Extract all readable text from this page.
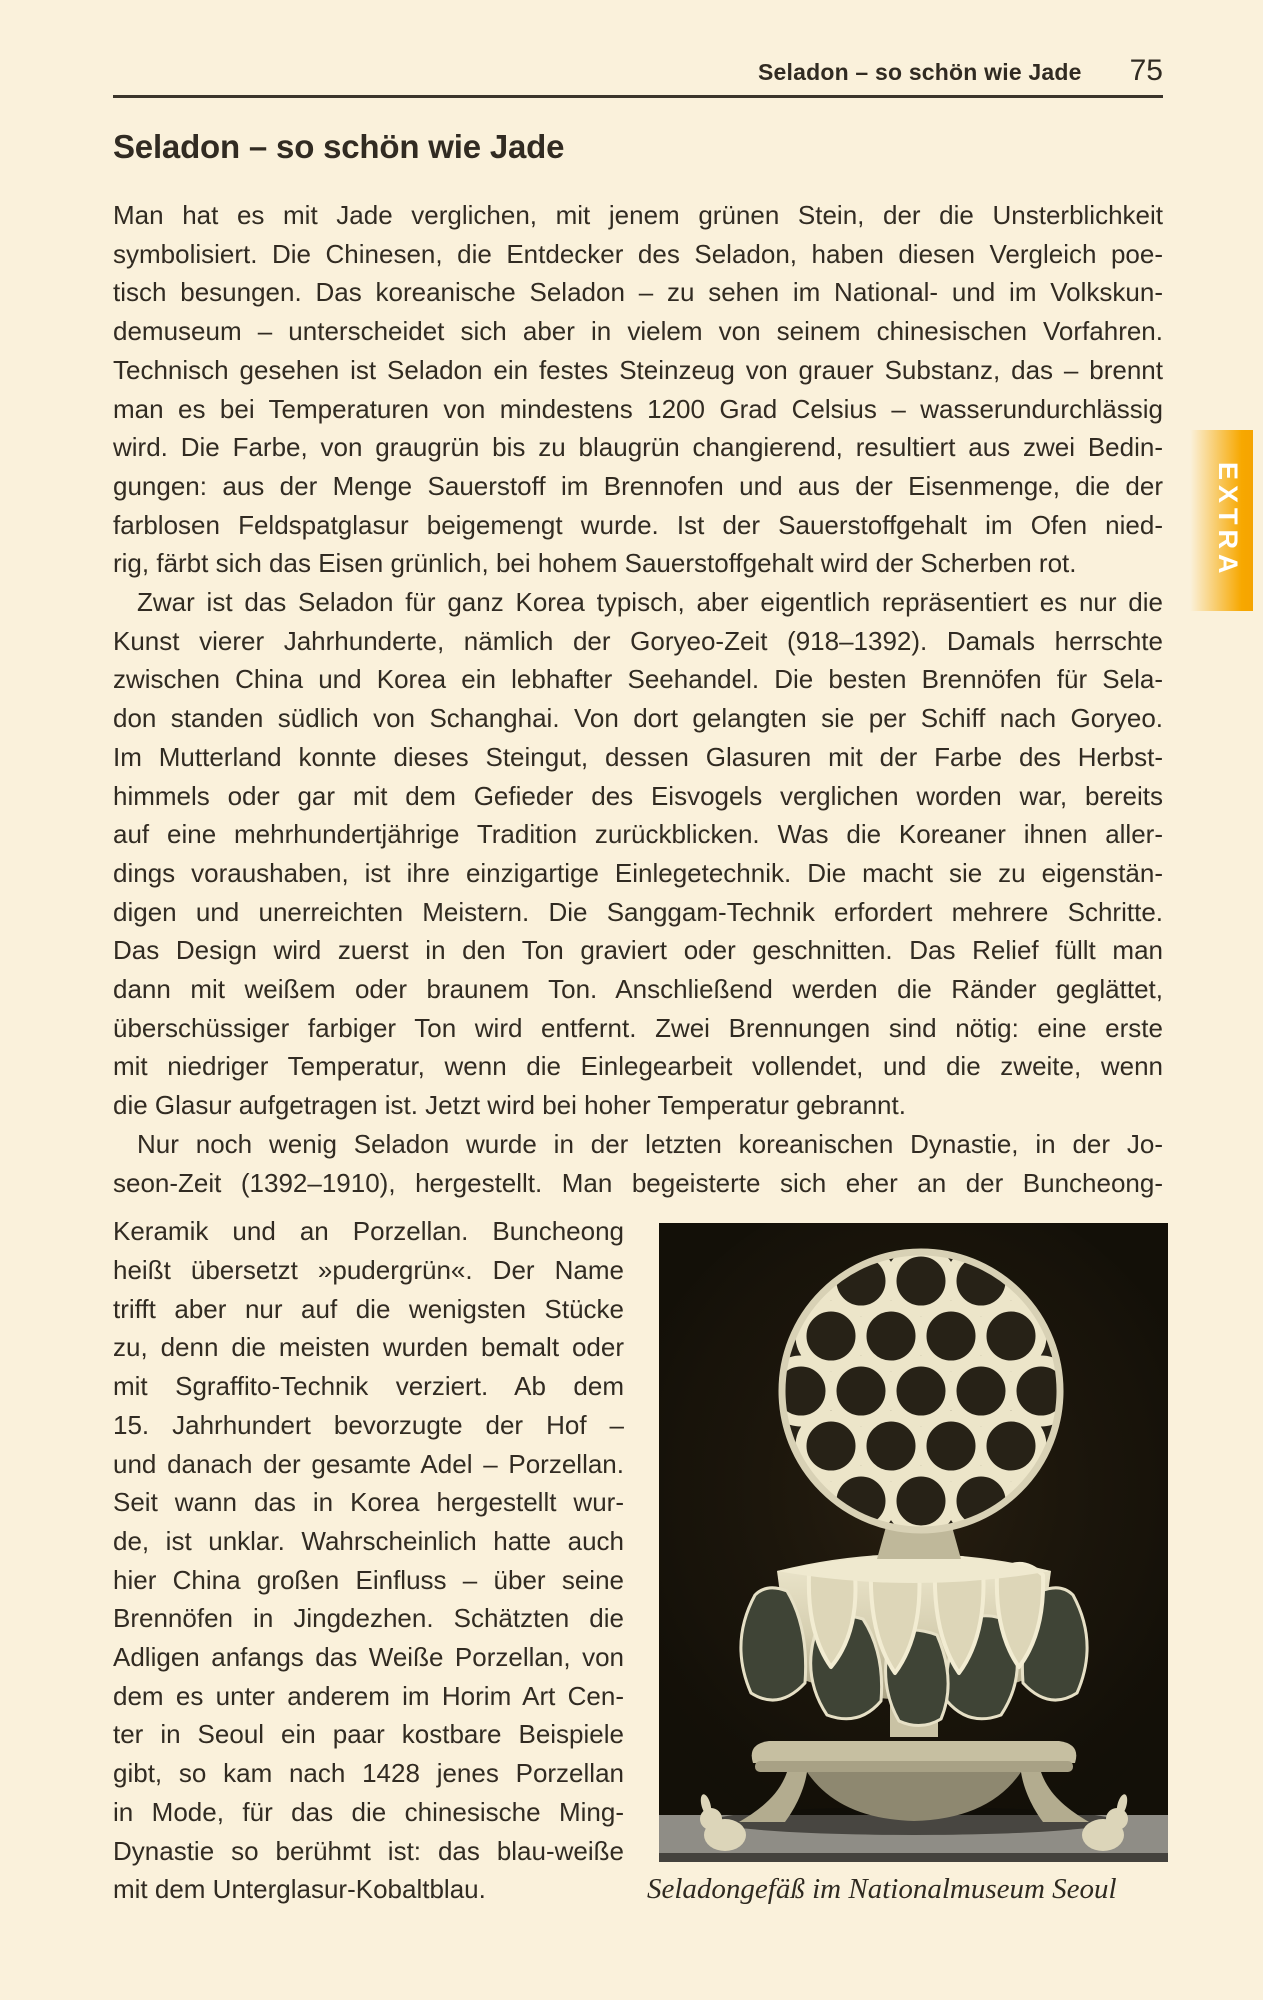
Seladon – so schön wie Jade 75
Seladon – so schön wie Jade
Man hat es mit Jade verglichen, mit jenem grünen Stein, der die Unsterblichkeit
symbolisiert. Die Chinesen, die Entdecker des Seladon, haben diesen Vergleich poe-
tisch besungen. Das koreanische Seladon – zu sehen im National- und im Volkskun-
demuseum – unterscheidet sich aber in vielem von seinem chinesischen Vorfahren.
Technisch gesehen ist Seladon ein festes Steinzeug von grauer Substanz, das – brennt
man es bei Temperaturen von mindestens 1200 Grad Celsius – wasserundurchlässig
wird. Die Farbe, von graugrün bis zu blaugrün changierend, resultiert aus zwei Bedin-
gungen: aus der Menge Sauerstoff im Brennofen und aus der Eisenmenge, die der
farblosen Feldspatglasur beigemengt wurde. Ist der Sauerstoffgehalt im Ofen nied-
rig, färbt sich das Eisen grünlich, bei hohem Sauerstoffgehalt wird der Scherben rot.
Zwar ist das Seladon für ganz Korea typisch, aber eigentlich repräsentiert es nur die
Kunst vierer Jahrhunderte, nämlich der Goryeo-Zeit (918–1392). Damals herrschte
zwischen China und Korea ein lebhafter Seehandel. Die besten Brennöfen für Sela-
don standen südlich von Schanghai. Von dort gelangten sie per Schiff nach Goryeo.
Im Mutterland konnte dieses Steingut, dessen Glasuren mit der Farbe des Herbst-
himmels oder gar mit dem Gefieder des Eisvogels verglichen worden war, bereits
auf eine mehrhundertjährige Tradition zurückblicken. Was die Koreaner ihnen aller-
dings voraushaben, ist ihre einzigartige Einlegetechnik. Die macht sie zu eigenstän-
digen und unerreichten Meistern. Die Sanggam-Technik erfordert mehrere Schritte.
Das Design wird zuerst in den Ton graviert oder geschnitten. Das Relief füllt man
dann mit weißem oder braunem Ton. Anschließend werden die Ränder geglättet,
überschüssiger farbiger Ton wird entfernt. Zwei Brennungen sind nötig: eine erste
mit niedriger Temperatur, wenn die Einlegearbeit vollendet, und die zweite, wenn
die Glasur aufgetragen ist. Jetzt wird bei hoher Temperatur gebrannt.
Nur noch wenig Seladon wurde in der letzten koreanischen Dynastie, in der Jo-
seon-Zeit (1392–1910), hergestellt. Man begeisterte sich eher an der Buncheong-
Keramik und an Porzellan. Buncheong
heißt übersetzt »pudergrün«. Der Name
trifft aber nur auf die wenigsten Stücke
zu, denn die meisten wurden bemalt oder
mit Sgraffito-Technik verziert. Ab dem
15. Jahrhundert bevorzugte der Hof –
und danach der gesamte Adel – Porzellan.
Seit wann das in Korea hergestellt wur-
de, ist unklar. Wahrscheinlich hatte auch
hier China großen Einfluss – über seine
Brennöfen in Jingdezhen. Schätzten die
Adligen anfangs das Weiße Porzellan, von
dem es unter anderem im Horim Art Cen-
ter in Seoul ein paar kostbare Beispiele
gibt, so kam nach 1428 jenes Porzellan
in Mode, für das die chinesische Ming-
Dynastie so berühmt ist: das blau-weiße
mit dem Unterglasur-Kobaltblau.	Seladongefäß im Nationalmuseum Seoul
EXTRA
